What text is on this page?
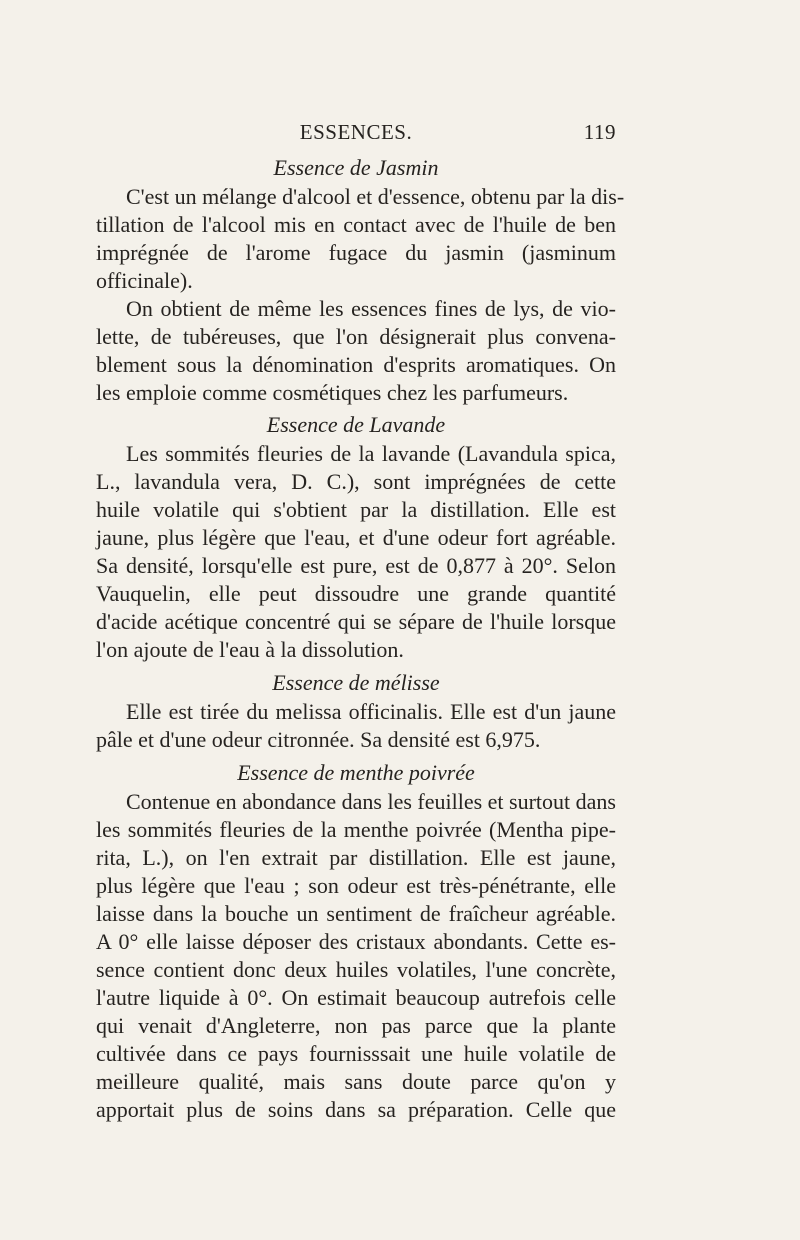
ESSENCES.	119
Essence de Jasmin

C'est un mélange d'alcool et d'essence, obtenu par la dis-
tillation de l'alcool mis en contact avec de l'huile de ben
imprégnée de l'arome fugace du jasmin (jasminum
officinale).

On obtient de même les essences fines de lys, de vio-
lette, de tubéreuses, que l'on désignerait plus convena-
blement sous la dénomination d'esprits aromatiques. On
les emploie comme cosmétiques chez les parfumeurs.

Essence de Lavande

Les sommités fleuries de la lavande (Lavandula spica,
L., lavandula vera, D. C.), sont imprégnées de cette
huile volatile qui s'obtient par la distillation. Elle est
jaune, plus légère que l'eau, et d'une odeur fort agréable.
Sa densité, lorsqu'elle est pure, est de 0,877 à 20°. Selon
Vauquelin, elle peut dissoudre une grande quantité
d'acide acétique concentré qui se sépare de l'huile lorsque
l'on ajoute de l'eau à la dissolution.

Essence de mélisse

Elle est tirée du melissa officinalis. Elle est d'un jaune
pâle et d'une odeur citronnée. Sa densité est 6,975.

Essence de menthe poivrée

Contenue en abondance dans les feuilles et surtout dans
les sommités fleuries de la menthe poivrée (Mentha pipe-
rita, L.), on l'en extrait par distillation. Elle est jaune,
plus légère que l'eau ; son odeur est très-pénétrante, elle
laisse dans la bouche un sentiment de fraîcheur agréable.
A 0° elle laisse déposer des cristaux abondants. Cette es-
sence contient donc deux huiles volatiles, l'une concrète,
l'autre liquide à 0°. On estimait beaucoup autrefois celle
qui venait d'Angleterre, non pas parce que la plante
cultivée dans ce pays fournisssait une huile volatile de
meilleure qualité, mais sans doute parce qu'on y
apportait plus de soins dans sa préparation. Celle que
